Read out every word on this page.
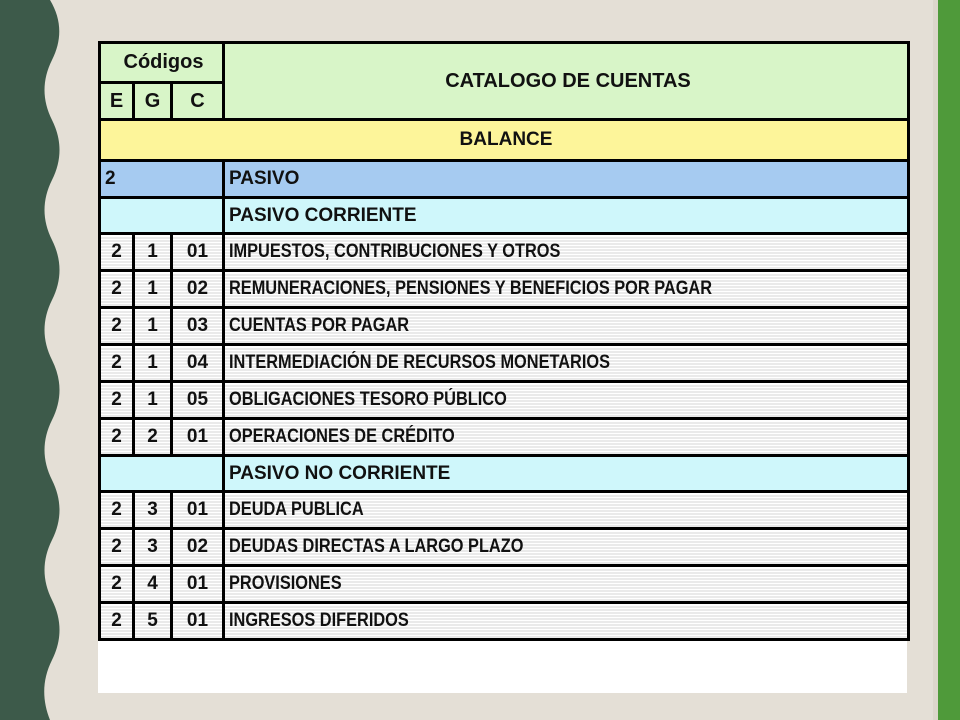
Códigos			CATALOGO DE CUENTAS
E	G	C	
BALANCE			
2			PASIVO
			PASIVO CORRIENTE
2	1	01	IMPUESTOS, CONTRIBUCIONES Y OTROS
2	1	02	REMUNERACIONES, PENSIONES Y BENEFICIOS POR PAGAR
2	1	03	CUENTAS POR PAGAR
2	1	04	INTERMEDIACIÓN DE RECURSOS MONETARIOS
2	1	05	OBLIGACIONES TESORO PÚBLICO
2	2	01	OPERACIONES DE CRÉDITO
			PASIVO NO CORRIENTE
2	3	01	DEUDA PUBLICA
2	3	02	DEUDAS DIRECTAS A LARGO PLAZO
2	4	01	PROVISIONES
2	5	01	INGRESOS DIFERIDOS
